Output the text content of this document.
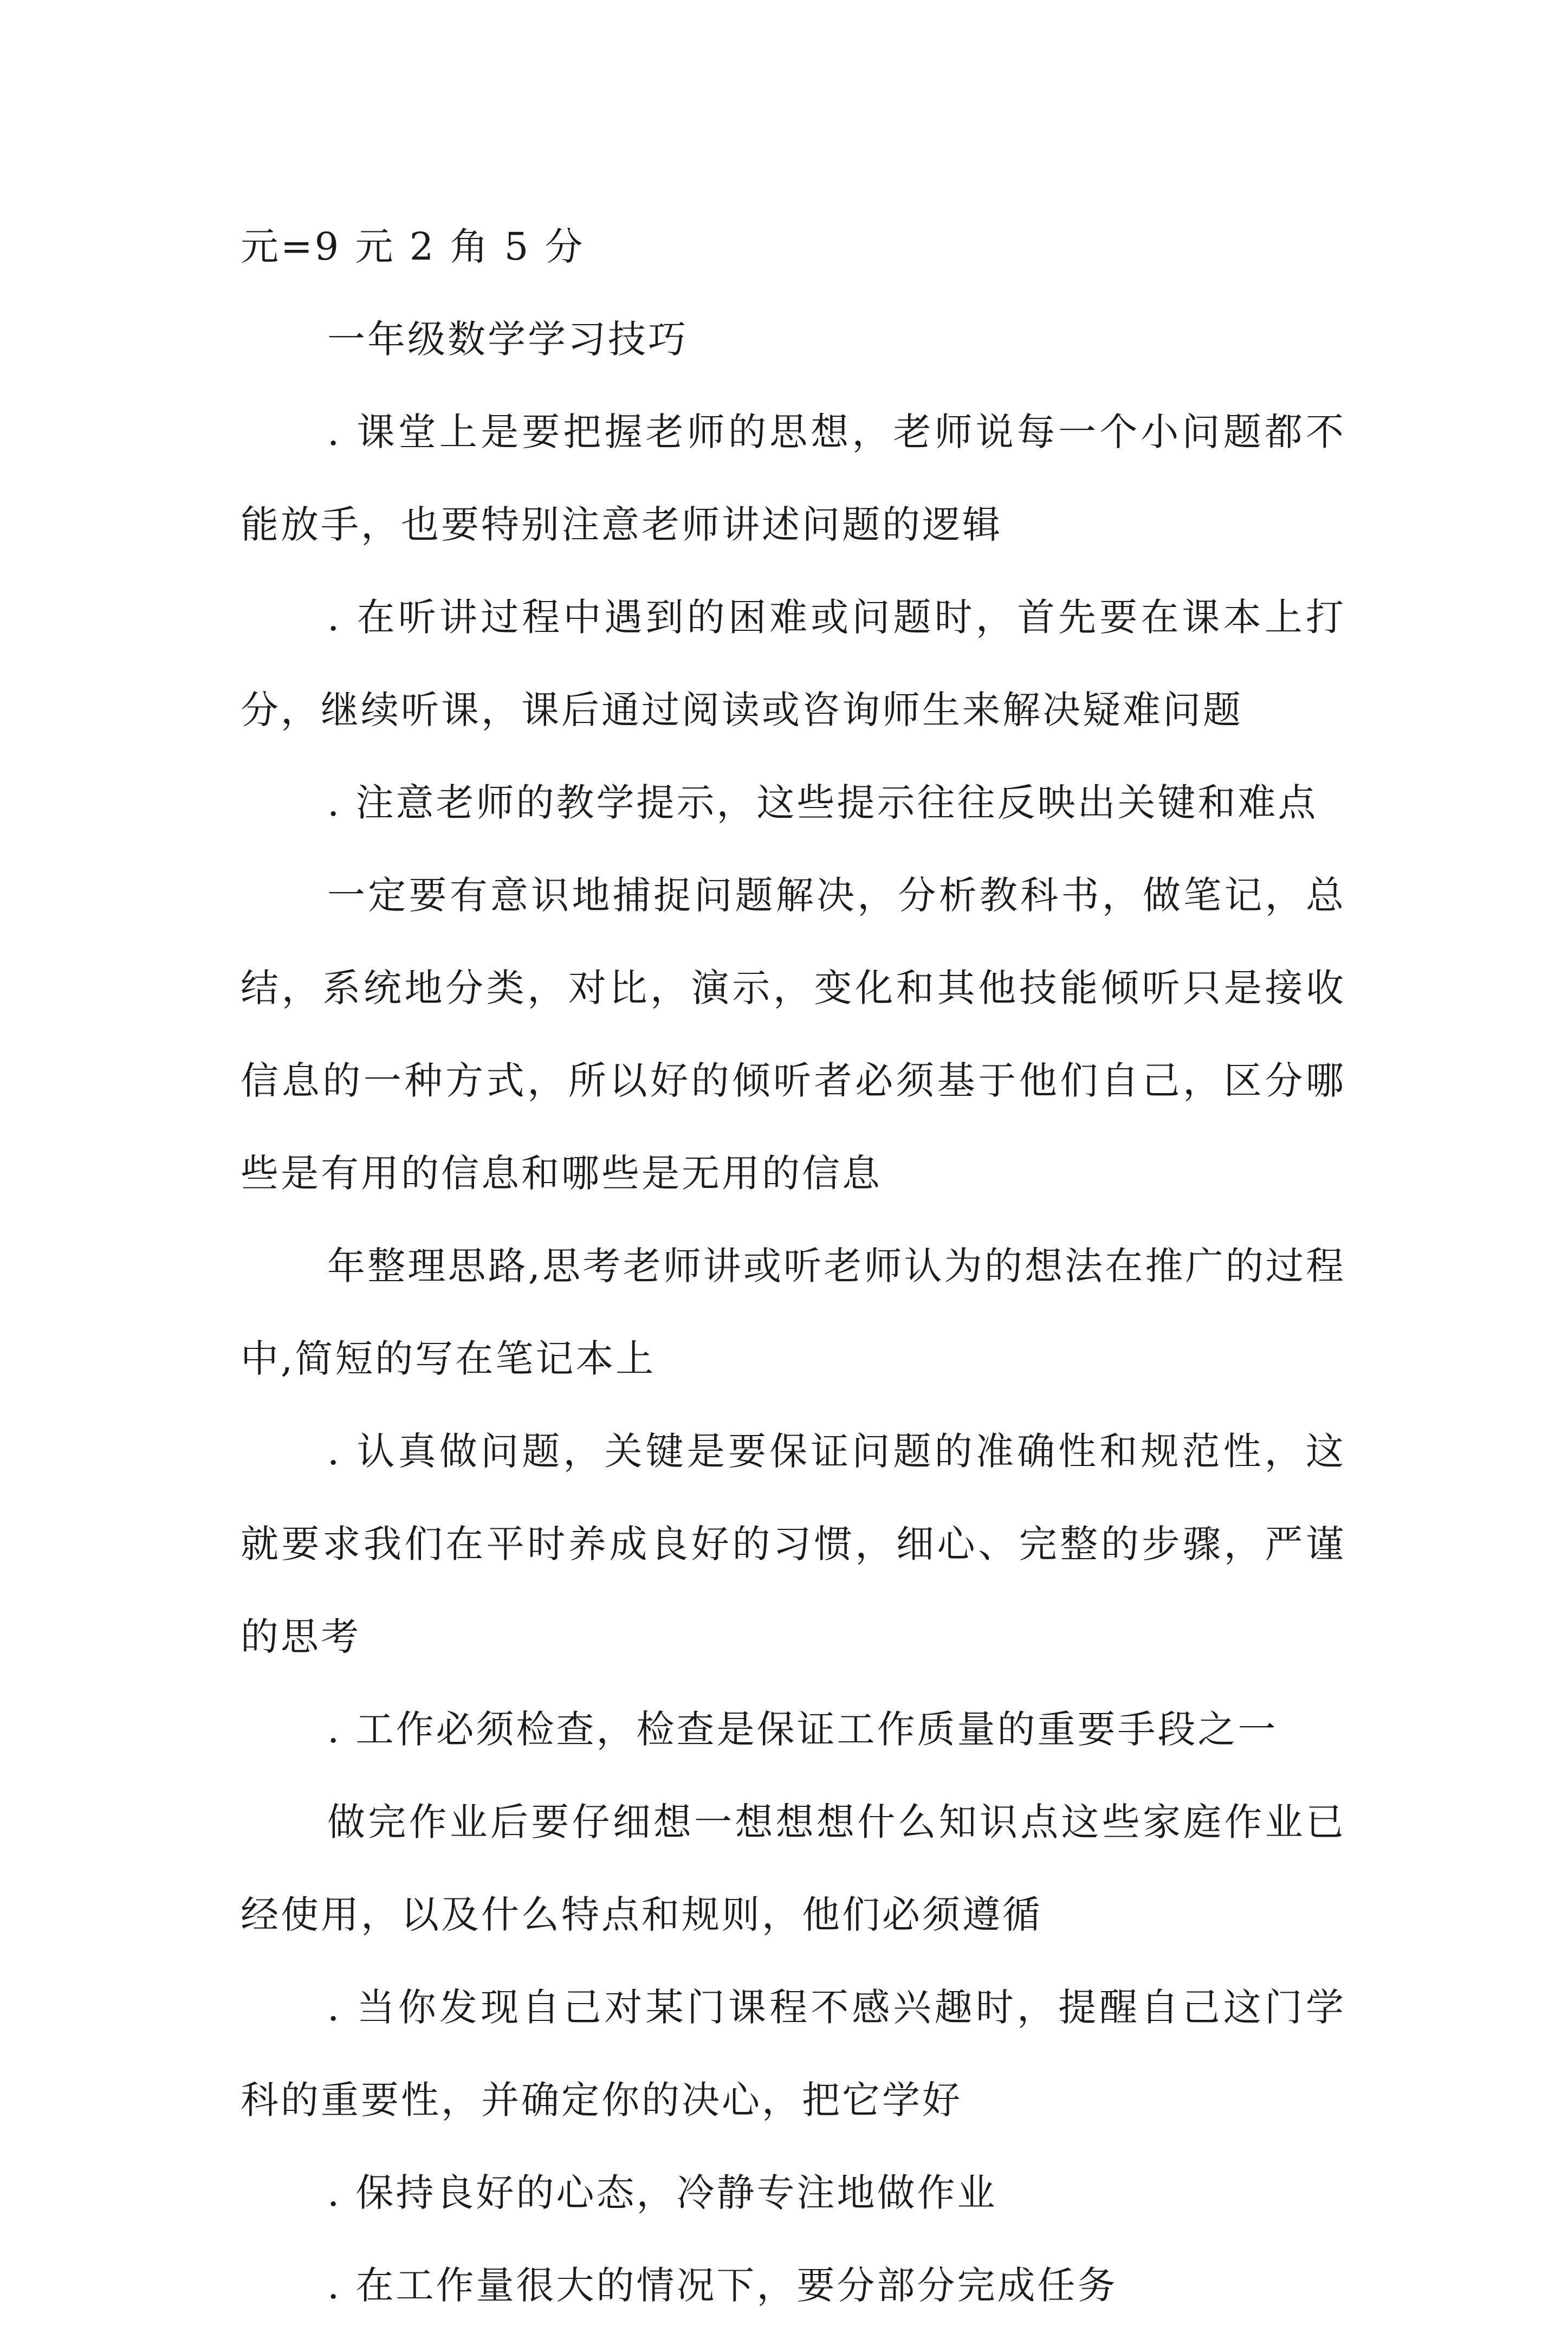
元=9 元 2 角 5 分

一年级数学学习技巧

. 课堂上是要把握老师的思想，老师说每一个小问题都不能放手，也要特别注意老师讲述问题的逻辑

. 在听讲过程中遇到的困难或问题时，首先要在课本上打分，继续听课，课后通过阅读或咨询师生来解决疑难问题

. 注意老师的教学提示，这些提示往往反映出关键和难点

一定要有意识地捕捉问题解决，分析教科书，做笔记，总结，系统地分类，对比，演示，变化和其他技能倾听只是接收信息的一种方式，所以好的倾听者必须基于他们自己，区分哪些是有用的信息和哪些是无用的信息

年整理思路,思考老师讲或听老师认为的想法在推广的过程中,简短的写在笔记本上

. 认真做问题，关键是要保证问题的准确性和规范性，这就要求我们在平时养成良好的习惯，细心、完整的步骤，严谨的思考

. 工作必须检查，检查是保证工作质量的重要手段之一

做完作业后要仔细想一想想想什么知识点这些家庭作业已经使用，以及什么特点和规则，他们必须遵循

. 当你发现自己对某门课程不感兴趣时，提醒自己这门学科的重要性，并确定你的决心，把它学好

. 保持良好的心态，冷静专注地做作业

. 在工作量很大的情况下，要分部分完成任务
